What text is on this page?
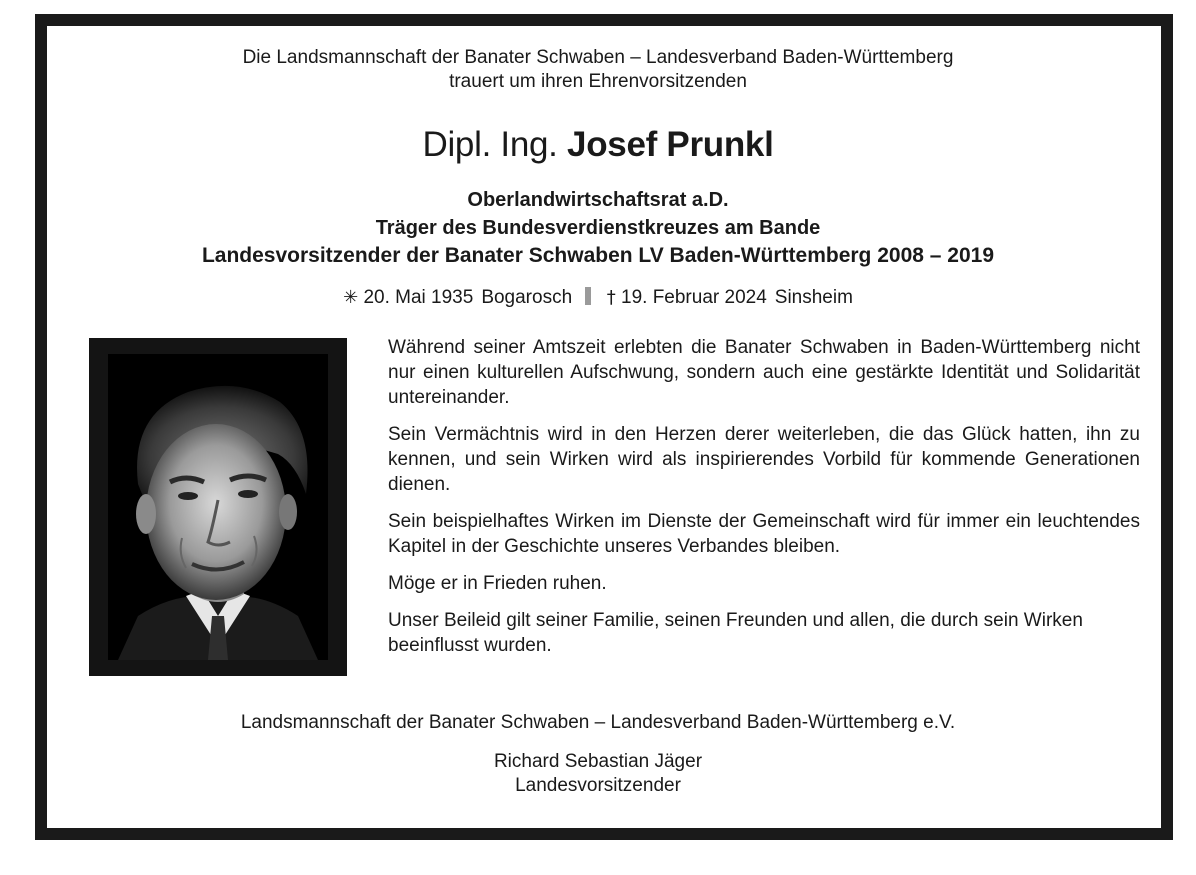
Die Landsmannschaft der Banater Schwaben – Landesverband Baden-Württemberg
trauert um ihren Ehrenvorsitzenden
Dipl. Ing. Josef Prunkl
Oberlandwirtschaftsrat a.D.
Träger des Bundesverdienstkreuzes am Bande
Landesvorsitzender der Banater Schwaben LV Baden-Württemberg 2008 – 2019
✳ 20. Mai 1935 Bogarosch † 19. Februar 2024 Sinsheim

Während seiner Amtszeit erlebten die Banater Schwaben in Baden-Württemberg nicht nur einen kulturellen Aufschwung, sondern auch eine gestärkte Identität und Solidarität untereinander.

Sein Vermächtnis wird in den Herzen derer weiterleben, die das Glück hatten, ihn zu kennen, und sein Wirken wird als inspirierendes Vorbild für kommende Generationen dienen.

Sein beispielhaftes Wirken im Dienste der Gemeinschaft wird für immer ein leuchtendes Kapitel in der Geschichte unseres Verbandes bleiben.

Möge er in Frieden ruhen.

Unser Beileid gilt seiner Familie, seinen Freunden und allen, die durch sein Wirken beeinflusst wurden.

Landsmannschaft der Banater Schwaben – Landesverband Baden-Württemberg e.V.
Richard Sebastian Jäger
Landesvorsitzender
